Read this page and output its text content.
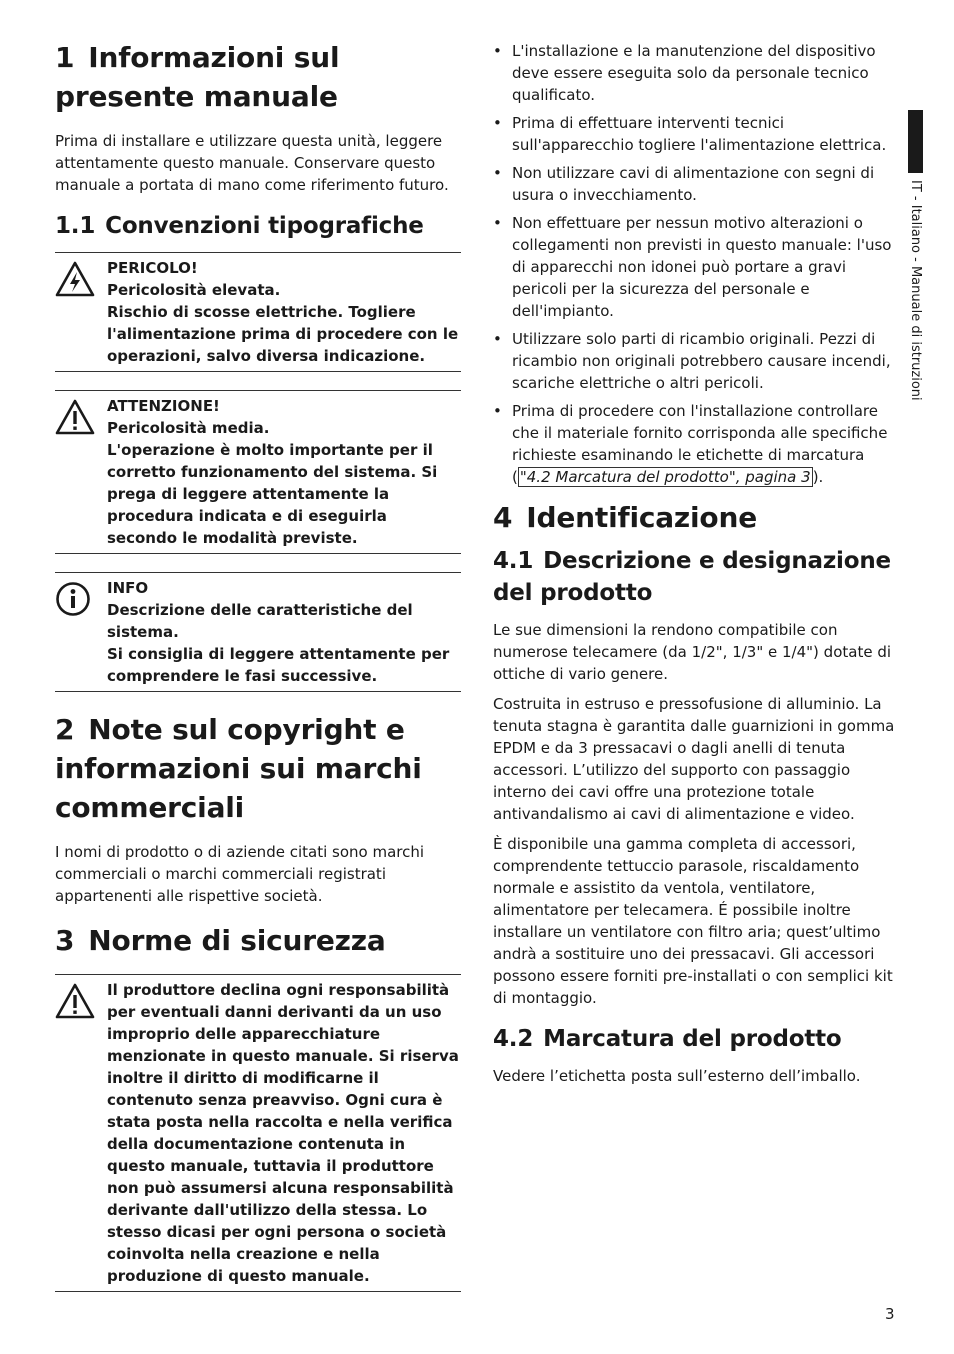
IT - Italiano - Manuale di istruzioni
1 Informazioni sul presente manuale

Prima di installare e utilizzare questa unità, leggere attentamente questo manuale. Conservare questo manuale a portata di mano come riferimento futuro.

1.1 Convenzioni tipografiche
PERICOLO!
Pericolosità elevata.
Rischio di scosse elettriche. Togliere l'alimentazione prima di procedere con le operazioni, salvo diversa indicazione.
ATTENZIONE!
Pericolosità media.
L'operazione è molto importante per il corretto funzionamento del sistema. Si prega di leggere attentamente la procedura indicata e di eseguirla secondo le modalità previste.
INFO
Descrizione delle caratteristiche del sistema.
Si consiglia di leggere attentamente per comprendere le fasi successive.
2 Note sul copyright e informazioni sui marchi commerciali

I nomi di prodotto o di aziende citati sono marchi commerciali o marchi commerciali registrati appartenenti alle rispettive società.

3 Norme di sicurezza
Il produttore declina ogni responsabilità per eventuali danni derivanti da un uso improprio delle apparecchiature menzionate in questo manuale. Si riserva inoltre il diritto di modificarne il contenuto senza preavviso. Ogni cura è stata posta nella raccolta e nella verifica della documentazione contenuta in questo manuale, tuttavia il produttore non può assumersi alcuna responsabilità derivante dall'utilizzo della stessa. Lo stesso dicasi per ogni persona o società coinvolta nella creazione e nella produzione di questo manuale.
• L'installazione e la manutenzione del dispositivo deve essere eseguita solo da personale tecnico qualificato.
• Prima di effettuare interventi tecnici sull'apparecchio togliere l'alimentazione elettrica.
• Non utilizzare cavi di alimentazione con segni di usura o invecchiamento.
• Non effettuare per nessun motivo alterazioni o collegamenti non previsti in questo manuale: l'uso di apparecchi non idonei può portare a gravi pericoli per la sicurezza del personale e dell'impianto.
• Utilizzare solo parti di ricambio originali. Pezzi di ricambio non originali potrebbero causare incendi, scariche elettriche o altri pericoli.
• Prima di procedere con l'installazione controllare che il materiale fornito corrisponda alle specifiche richieste esaminando le etichette di marcatura ( "4.2 Marcatura del prodotto", pagina 3 ).
4 Identificazione
4.1 Descrizione e designazione del prodotto

Le sue dimensioni la rendono compatibile con numerose telecamere (da 1/2", 1/3" e 1/4") dotate di ottiche di vario genere.

Costruita in estruso e pressofusione di alluminio. La tenuta stagna è garantita dalle guarnizioni in gomma EPDM e da 3 pressacavi o dagli anelli di tenuta accessori. L’utilizzo del supporto con passaggio interno dei cavi offre una protezione totale antivandalismo ai cavi di alimentazione e video.

È disponibile una gamma completa di accessori, comprendente tettuccio parasole, riscaldamento normale e assistito da ventola, ventilatore, alimentatore per telecamera. É possibile inoltre installare un ventilatore con filtro aria; quest’ultimo andrà a sostituire uno dei pressacavi. Gli accessori possono essere forniti pre-installati o con semplici kit di montaggio.

4.2 Marcatura del prodotto

Vedere l’etichetta posta sull’esterno dell’imballo.

3
